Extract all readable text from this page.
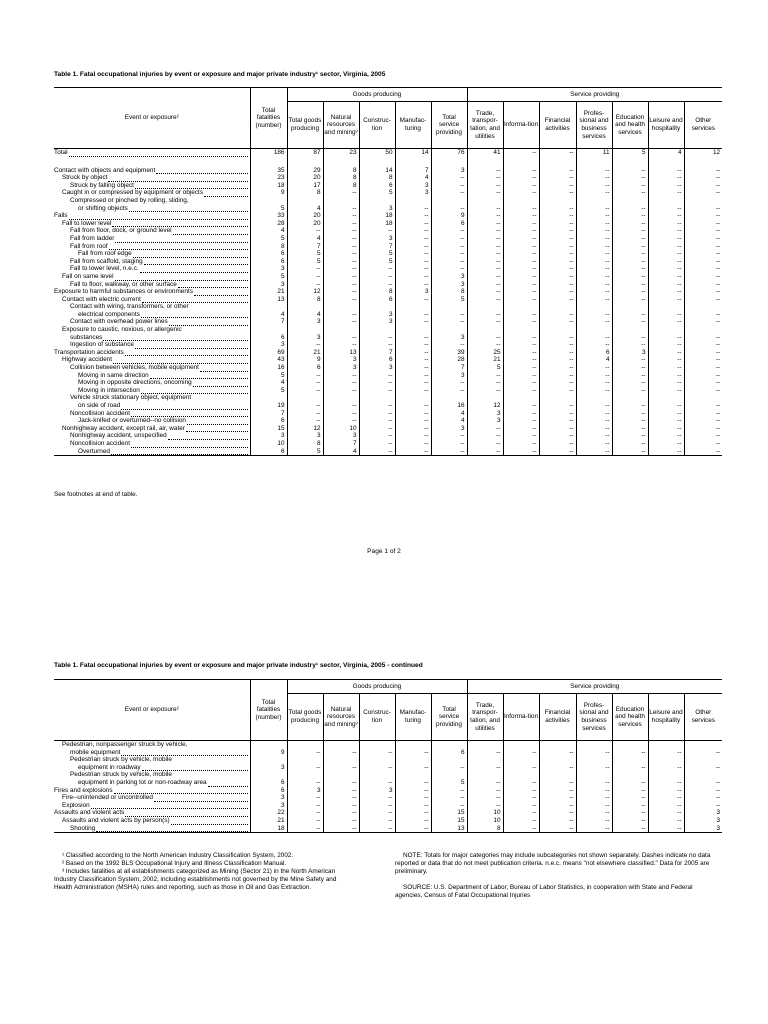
Table 1. Fatal occupational injuries by event or exposure and major private industry¹ sector, Virginia, 2005
Event or exposure²	Total fatalities (number)	Goods producing					Service providing						
		Total goods producing	Natural resources and mining³	Construc-tion	Manufac-turing	Total service providing	Trade, transpor-tation, and utilities	Informa-tion	Financial activities	Profes-sional and business services	Education and health services	Leisure and hospitality	Other services

Total	186	87	23	50	14	76	41	--	--	11	5	4	12

Contact with objects and equipment	35	29	8	14	7	3	--	--	--	--	--	--	--

Struck by object	23	20	8	8	4	--	--	--	--	--	--	--	--

Struck by falling object	18	17	8	6	3	--	--	--	--	--	--	--	--

Caught in or compressed by equipment or objects	9	8	--	5	3	--	--	--	--	--	--	--	--

Compressed or pinched by rolling, sliding,													

or shifting objects	5	4	--	3	--	--	--	--	--	--	--	--	--

Falls	33	20	--	18	--	9	--	--	--	--	--	--	--

Fall to lower level	28	20	--	18	--	6	--	--	--	--	--	--	--

Fall from floor, dock, or ground level	4	--	--	--	--	--	--	--	--	--	--	--	--

Fall from ladder	5	4	--	3	--	--	--	--	--	--	--	--	--

Fall from roof	8	7	--	7	--	--	--	--	--	--	--	--	--

Fall from roof edge	6	5	--	5	--	--	--	--	--	--	--	--	--

Fall from scaffold, staging	6	5	--	5	--	--	--	--	--	--	--	--	--

Fall to lower level, n.e.c.	3	--	--	--	--	--	--	--	--	--	--	--	--

Fall on same level	5	--	--	--	--	3	--	--	--	--	--	--	--

Fall to floor, walkway, or other surface	3	--	--	--	--	3	--	--	--	--	--	--	--

Exposure to harmful substances or environments	21	12	--	8	3	8	--	--	--	--	--	--	--

Contact with electric current	13	8	--	6	--	5	--	--	--	--	--	--	--

Contact with wiring, transformers, or other													

electrical components	4	4	--	3	--	--	--	--	--	--	--	--	--

Contact with overhead power lines	7	3	--	3	--	--	--	--	--	--	--	--	--

Exposure to caustic, noxious, or allergenic													

substances	6	3	--	--	--	3	--	--	--	--	--	--	--

Ingestion of substance	3	--	--	--	--	--	--	--	--	--	--	--	--

Transportation accidents	69	21	13	7	--	39	25	--	--	6	3	--	--

Highway accident	43	9	3	6	--	28	21	--	--	4	--	--	--

Collision between vehicles, mobile equipment	16	6	3	3	--	7	5	--	--	--	--	--	--

Moving in same direction	5	--	--	--	--	3	--	--	--	--	--	--	--

Moving in opposite directions, oncoming	4	--	--	--	--	--	--	--	--	--	--	--	--

Moving in intersection	5	--	--	--	--	--	--	--	--	--	--	--	--

Vehicle struck stationary object, equipment													

on side of road	19	--	--	--	--	16	12	--	--	--	--	--	--

Noncollision accident	7	--	--	--	--	4	3	--	--	--	--	--	--

Jack-knifed or overturned--no collision	6	--	--	--	--	4	3	--	--	--	--	--	--

Nonhighway accident, except rail, air, water	15	12	10	--	--	3	--	--	--	--	--	--	--

Nonhighway accident, unspecified	3	3	3	--	--	--	--	--	--	--	--	--	--

Noncollision accident	10	8	7	--	--	--	--	--	--	--	--	--	--

Overturned	6	5	4	--	--	--	--	--	--	--	--	--	--
See footnotes at end of table.
Page 1 of 2
Table 1. Fatal occupational injuries by event or exposure and major private industry¹ sector, Virginia, 2005 - continued
Event or exposure²	Total fatalities (number)	Goods producing					Service providing						
		Total goods producing	Natural resources and mining³	Construc-tion	Manufac-turing	Total service providing	Trade, transpor-tation, and utilities	Informa-tion	Financial activities	Profes-sional and business services	Education and health services	Leisure and hospitality	Other services

Pedestrian, nonpassenger struck by vehicle,													

mobile equipment	9	--	--	--	--	6	--	--	--	--	--	--	--

Pedestrian struck by vehicle, mobile													

equipment in roadway	3	--	--	--	--	--	--	--	--	--	--	--	--

Pedestrian struck by vehicle, mobile													

equipment in parking lot or non-roadway area	6	--	--	--	--	5	--	--	--	--	--	--	--

Fires and explosions	6	3	--	3	--	--	--	--	--	--	--	--	--

Fire--unintended or uncontrolled	3	--	--	--	--	--	--	--	--	--	--	--	--

Explosion	3	--	--	--	--	--	--	--	--	--	--	--	--

Assaults and violent acts	22	--	--	--	--	15	10	--	--	--	--	--	3

Assaults and violent acts by person(s)	21	--	--	--	--	15	10	--	--	--	--	--	3

Shooting	18	--	--	--	--	13	8	--	--	--	--	--	3

¹ Classified according to the North American Industry Classification System, 2002.

² Based on the 1992 BLS Occupational Injury and Illness Classification Manual.

³ Includes fatalities at all establishments categorized as Mining (Sector 21) in the North American Industry Classification System, 2002, including establishments not governed by the Mine Safety and Health Administration (MSHA) rules and reporting, such as those in Oil and Gas Extraction.

NOTE: Totals for major categories may include subcategories not shown separately. Dashes indicate no data reported or data that do not meet publication criteria. n.e.c. means "not elsewhere classified." Data for 2005 are preliminary.

SOURCE: U.S. Department of Labor, Bureau of Labor Statistics, in cooperation with State and Federal agencies, Census of Fatal Occupational Injuries
